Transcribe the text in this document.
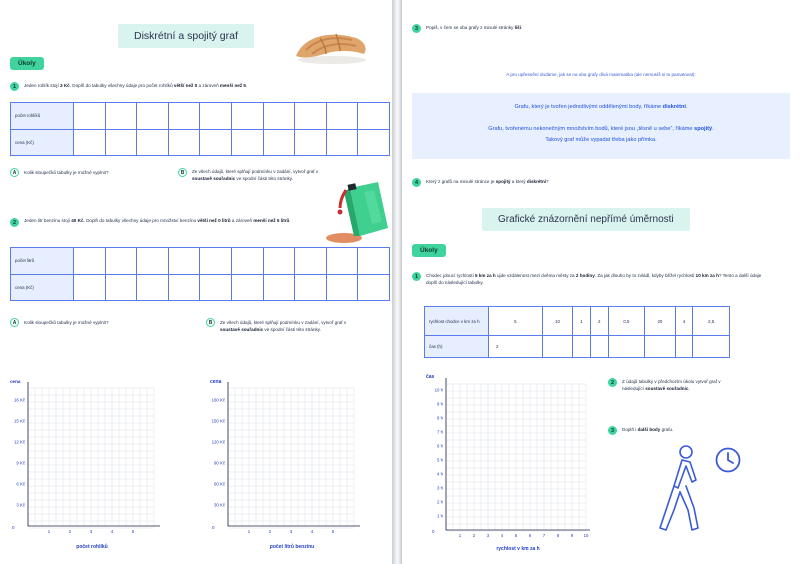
Diskrétní a spojitý graf
Úkoly
1	Jeden rohlík stojí 3 Kč. Doplň do tabulky všechny údaje pro počet rohlíků větší než 0 a zároveň menší než 5.
počet rohlíků										
cena (Kč)										
A	Kolik sloupečků tabulky je možné vyplnit?	B	Ze všech údajů, které splňují podmínku v zadání, vytvoř graf v soustavě souřadnic ve spodní části této stránky.
2	Jeden litr benzínu stojí 40 Kč. Doplň do tabulky všechny údaje pro množství benzínu větší než 0 litrů a zároveň menší než 5 litrů.
počet litrů										
cena (Kč)										
A	Kolik sloupečků tabulky je možné vyplnit?	B	Ze všech údajů, které splňují podmínku v zadání, vytvoř graf v soustavě souřadnic ve spodní části této stránky.
cena
počet rohlíků
0
16 Kč
15 Kč
12 Kč
9 Kč
6 Kč
3 Kč
1	2	3	4	5
cena
počet litrů benzínu
0
160 Kč
150 Kč
120 Kč
90 Kč
60 Kč
30 Kč
1	2	3	4	5
3	Popiš, v čem se oba grafy z minulé stránky liší.
A pro upřesnění dodáme, jak se na oba grafy dívá matematika (ale nemusíš si to pamatovat):
Grafu, který je tvořen jednotlivými oddělenými body, říkáme diskrétní.
Grafu, tvořenému nekonečným množstvím bodů, které jsou „těsně u sebe“, říkáme spojitý.
Takový graf může vypadat třeba jako přímka.
4	Který z grafů na minulé stránce je spojitý a který diskrétní?
Grafické znázornění nepřímé úměrnosti
Úkoly
1	Chodec jdoucí rychlostí 5 km za h ujde vzdálenost mezi dvěma městy za 2 hodiny. Za jak dlouho by to zvládl, kdyby běžel rychlostí 10 km za h? Tento a další údaje doplň do následující tabulky.
rychlost chodce v km za h	5	10	1	2	0,5	20	4	2,5
čas (h)	2							
čas
rychlost v km za h
0
10 h
9 h
8 h
7 h
6 h
5 h
4 h
3 h
2 h
1 h
1	2	3	4	5	6	7	8	9 10
2	Z údajů tabulky v předchozím úkolu vytvoř graf v následující soustavě souřadnic.
3	Doplň i další body grafu.
